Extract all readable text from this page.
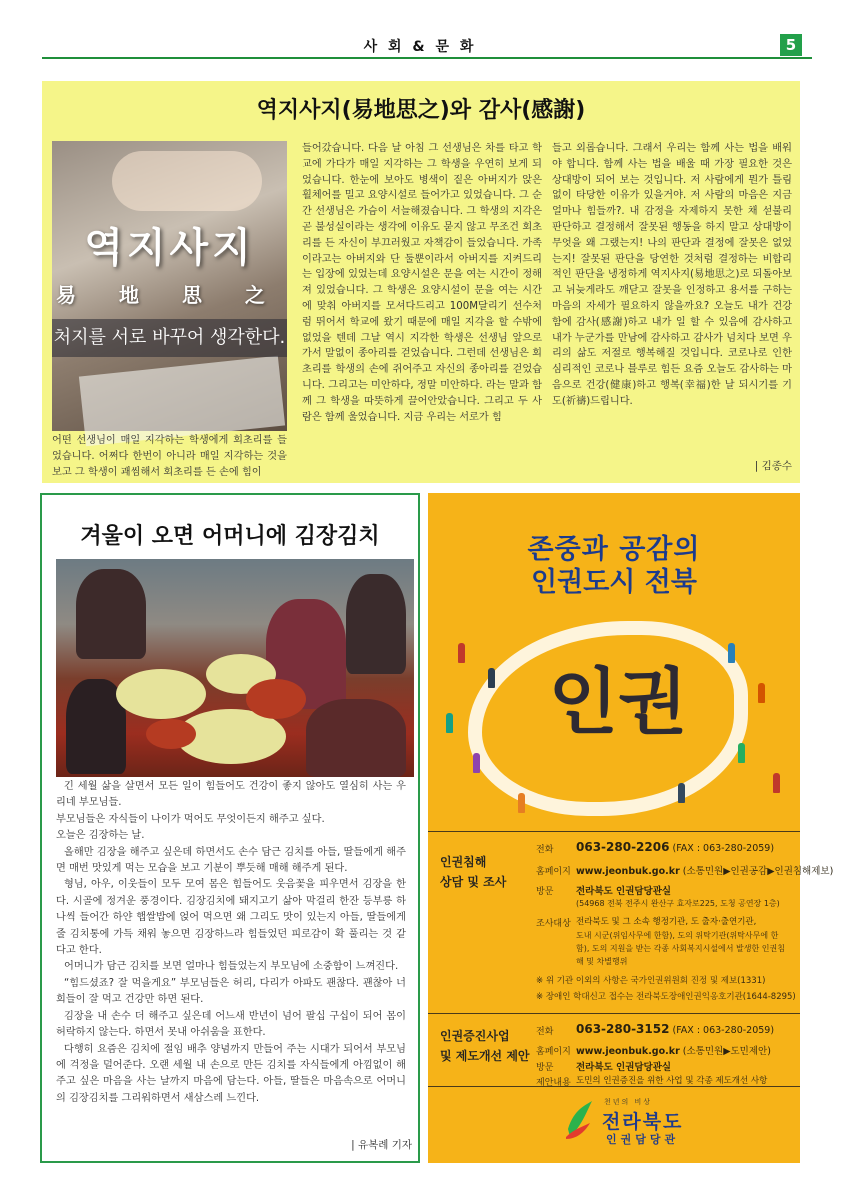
사 회 & 문 화	5
역지사지(易地思之)와 감사(感謝)
역지사지
易 地 思 之
처지를 서로 바꾸어 생각한다.
어떤 선생님이 매일 지각하는 학생에게 회초리를 들었습니다. 어쩌다 한번이 아니라 매일 지각하는 것을 보고 그 학생이 괘씸해서 회초리를 든 손에 힘이
들어갔습니다. 다음 날 아침 그 선생님은 차를 타고 학교에 가다가 매일 지각하는 그 학생을 우연히 보게 되었습니다. 한눈에 보아도 병색이 짙은 아버지가 앉은 휠체어를 밀고 요양시설로 들어가고 있었습니다. 그 순간 선생님은 가슴이 서늘해졌습니다. 그 학생의 지각은 곧 불성실이라는 생각에 이유도 묻지 않고 무조건 회초리를 든 자신이 부끄러웠고 자책감이 들었습니다. 가족이라고는 아버지와 단 둘뿐이라서 아버지를 지켜드리는 입장에 있었는데 요양시설은 문을 여는 시간이 정해져 있었습니다. 그 학생은 요양시설이 문을 여는 시간에 맞춰 아버지를 모셔다드리고 100M달리기 선수처럼 뛰어서 학교에 왔기 때문에 매일 지각을 할 수밖에 없었을 텐데 그날 역시 지각한 학생은 선생님 앞으로 가서 말없이 종아리를 걷었습니다. 그런데 선생님은 회초리를 학생의 손에 쥐어주고 자신의 종아리를 걷었습니다. 그리고는 미안하다, 정말 미안하다. 라는 말과 함께 그 학생을 따뜻하게 끌어안았습니다. 그리고 두 사람은 함께 울었습니다. 지금 우리는 서로가 힘
들고 외롭습니다. 그래서 우리는 함께 사는 법을 배워야 합니다. 함께 사는 법을 배울 때 가장 필요한 것은 상대방이 되어 보는 것입니다. 저 사람에게 뭔가 틀림없이 타당한 이유가 있을거야. 저 사람의 마음은 지금 얼마나 힘들까?. 내 감정을 자제하지 못한 채 섣불리 판단하고 결정해서 잘못된 행동을 하지 말고 상대방이 무엇을 왜 그랬는지! 나의 판단과 결정에 잘못은 없었는지! 잘못된 판단을 당연한 것처럼 결정하는 비합리적인 판단을 냉정하게 역지사지(易地思之)로 되돌아보고 뉘늦게라도 깨닫고 잘못을 인정하고 용서를 구하는 마음의 자세가 필요하지 않을까요? 오늘도 내가 건강함에 감사(感謝)하고 내가 일 할 수 있음에 감사하고 내가 누군가를 만남에 감사하고 감사가 넘치다 보면 우리의 삶도 저절로 행복해질 것입니다. 코로나로 인한 심리적인 코로나 블루로 힘든 요즘 오늘도 감사하는 마음으로 건강(健康)하고 행복(幸福)한 날 되시기를 기도(祈禱)드립니다.
| 김종수
겨울이 오면 어머니에 김장김치

긴 세월 삶을 살면서 모든 일이 힘들어도 건강이 좋지 않아도 열심히 사는 우리네 부모님들.

부모님들은 자식들이 나이가 먹어도 무엇이든지 해주고 싶다.

오늘은 김장하는 날.

올해만 김장을 해주고 싶은데 하면서도 손수 담근 김치를 아들, 딸들에게 해주면 매번 맛있게 먹는 모습을 보고 기분이 뿌듯해 매해 해주게 된다.

형님, 아우, 이웃들이 모두 모여 몸은 힘들어도 웃음꽃을 피우면서 김장을 한다. 시골에 정겨운 풍경이다. 김장김치에 돼지고기 삶아 막걸리 한잔 등부릉 하나씩 들어간 하얀 햅쌀밥에 얹어 먹으면 왜 그리도 맛이 있는지 아들, 딸들에게 줄 김치통에 가득 채워 놓으면 김장하느라 힘들었던 피로감이 확 풀리는 것 같다고 한다.

어머니가 담근 김치를 보면 얼마나 힘들었는지 부모님에 소중함이 느껴진다.

“힘드셨죠? 잘 먹을게요” 부모님들은 허리, 다리가 아파도 괜찮다. 괜찮아 너희들이 잘 먹고 건강만 하면 된다.

김장을 내 손수 더 해주고 싶은데 어느새 반년이 넘어 팔십 구십이 되어 몸이 허락하지 않는다. 하면서 못내 아쉬움을 표한다.

다행히 요즘은 김치에 절임 배추 양념까지 만들어 주는 시대가 되어서 부모님에 걱정을 덜어준다. 오랜 세월 내 손으로 만든 김치를 자식들에게 아낌없이 해주고 싶은 마음을 사는 날까지 마음에 담는다. 아들, 딸들은 마음속으로 어머니의 김장김치를 그리워하면서 새삼스레 느낀다.

| 유복례 기자
존중과 공감의
인권도시 전북
인권
인권침해
상담 및 조사
전화 063-280-2206 (FAX : 063-280-2059)
홈페이지 www.jeonbuk.go.kr (소통민원▶인권공감▶인권침해제보)
방문 전라북도 인권담당관실
(54968 전북 전주시 완산구 효자로225, 도청 공연장 1층)
조사대상 전라북도 및 그 소속 행정기관, 도 출자·출연기관,
도내 시군(위임사무에 한함), 도의 위탁기관(위탁사무에 한함), 도의 지원을 받는 각종 사회복지시설에서 발생한 인권침해 및 차별행위
※ 위 기관 이외의 사항은 국가인권위원회 진정 및 제보(1331)
※ 장애인 학대신고 접수는 전라북도장애인권익옹호기관(1644-8295)
인권증진사업
및 제도개선 제안
전화 063-280-3152 (FAX : 063-280-2059)
홈페이지 www.jeonbuk.go.kr (소통민원▶도민제안)
방문 전라북도 인권담당관실
제안내용 도민의 인권증진을 위한 사업 및 각종 제도개선 사항
천년의 비상
전라북도
인권담당관
